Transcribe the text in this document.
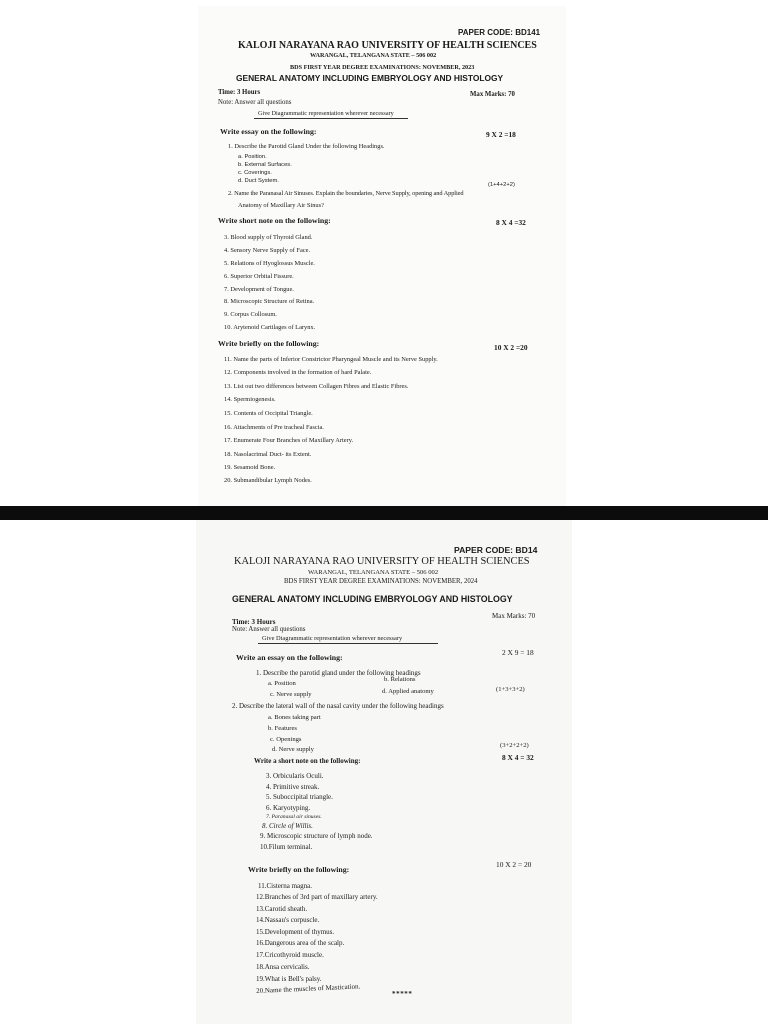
PAPER CODE: BD141
KALOJI NARAYANA RAO UNIVERSITY OF HEALTH SCIENCES
WARANGAL, TELANGANA STATE – 506 002
BDS FIRST YEAR DEGREE EXAMINATIONS: NOVEMBER, 2023
GENERAL ANATOMY INCLUDING EMBRYOLOGY AND HISTOLOGY
Time: 3 Hours	Max Marks: 70
Note: Answer all questions
Give Diagrammatic representation wherever necessary
Write essay on the following:	9 X 2 =18
1. Describe the Parotid Gland Under the following Headings.
a. Position.
b. External Surfaces.
c. Coverings.
d. Duct System.
(1+4+2+2)
2. Name the Paranasal Air Sinuses. Explain the boundaries, Nerve Supply, opening and Applied
Anatomy of Maxillary Air Sinus?
Write short note on the following:	8 X 4 =32
3. Blood supply of Thyroid Gland.
4. Sensory Nerve Supply of Face.
5. Relations of Hyoglossus Muscle.
6. Superior Orbital Fissure.
7. Development of Tongue.
8. Microscopic Structure of Retina.
9. Corpus Collosum.
10. Arytenoid Cartilages of Larynx.
Write briefly on the following:	10 X 2 =20
11. Name the parts of Inferior Constrictor Pharyngeal Muscle and its Nerve Supply.
12. Components involved in the formation of hard Palate.
13. List out two differences between Collagen Fibres and Elastic Fibres.
14. Spermiogenesis.
15. Contents of Occipital Triangle.
16. Attachments of Pre tracheal Fascia.
17. Enumerate Four Branches of Maxillary Artery.
18. Nasolacrimal Duct- its Extent.
19. Sesamoid Bone.
20. Submandibular Lymph Nodes.
PAPER CODE: BD14
KALOJI NARAYANA RAO UNIVERSITY OF HEALTH SCIENCES
WARANGAL, TELANGANA STATE – 506 002
BDS FIRST YEAR DEGREE EXAMINATIONS: NOVEMBER, 2024
GENERAL ANATOMY INCLUDING EMBRYOLOGY AND HISTOLOGY
Time: 3 Hours
Max Marks: 70
Note: Answer all questions
Give Diagrammatic representation wherever necessary
Write an essay on the following:
2 X 9 = 18
1. Describe the parotid gland under the following headings
a. Position
b. Relations
c. Nerve supply	d. Applied anatomy	(1+3+3+2)
2. Describe the lateral wall of the nasal cavity under the following headings
a. Bones taking part
b. Features
c. Openings
d. Nerve supply
(3+2+2+2)
Write a short note on the following:	8 X 4 = 32
3. Orbicularis Oculi.
4. Primitive streak.
5. Suboccipital triangle.
6. Karyotyping.
7. Paranasal air sinuses.
8. Circle of Willis.
9. Microscopic structure of lymph node.
10.Filum terminal.
Write briefly on the following:
10 X 2 = 20
11.Cisterna magna.
12.Branches of 3rd part of maxillary artery.
13.Carotid sheath.
14.Nassau's corpuscle.
15.Development of thymus.
16.Dangerous area of the scalp.
17.Cricothyroid muscle.
18.Ansa cervicalis.
19.What is Bell's palsy.
20.Name the muscles of Mastication.	*****
